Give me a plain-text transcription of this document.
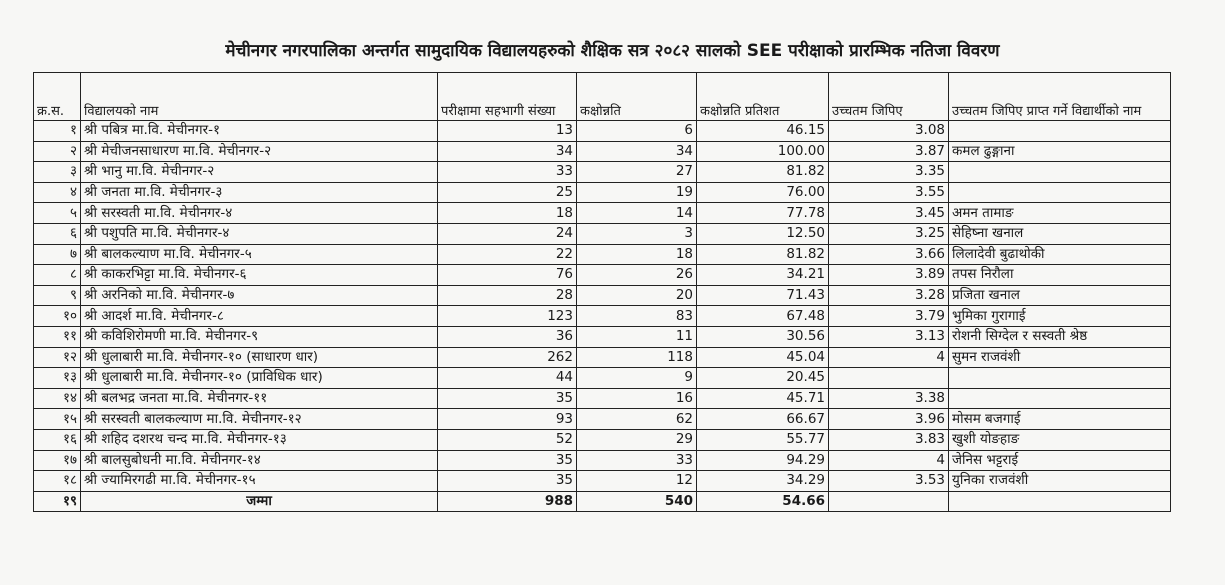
मेचीनगर नगरपालिका अन्तर्गत सामुदायिक विद्यालयहरुको शैक्षिक सत्र २०८२ सालको SEE परीक्षाको प्रारम्भिक नतिजा विवरण
क्र.स.	विद्यालयको नाम	परीक्षामा सहभागी संख्या	कक्षोन्नति	कक्षोन्नति प्रतिशत	उच्चतम जिपिए	उच्चतम जिपिए प्राप्त गर्ने विद्यार्थीको नाम
१	श्री पबित्र मा.वि. मेचीनगर-१	13	6	46.15	3.08	
२	श्री मेचीजनसाधारण मा.वि. मेचीनगर-२	34	34	100.00	3.87	कमल ढुङ्गाना
३	श्री भानु मा.वि. मेचीनगर-२	33	27	81.82	3.35	
४	श्री जनता मा.वि. मेचीनगर-३	25	19	76.00	3.55	
५	श्री सरस्वती मा.वि. मेचीनगर-४	18	14	77.78	3.45	अमन तामाङ
६	श्री पशुपति मा.वि. मेचीनगर-४	24	3	12.50	3.25	सेहिष्ना खनाल
७	श्री बालकल्याण मा.वि. मेचीनगर-५	22	18	81.82	3.66	लिलादेवी बुढाथोकी
८	श्री काकरभिट्टा मा.वि. मेचीनगर-६	76	26	34.21	3.89	तपस निरौला
९	श्री अरनिको मा.वि. मेचीनगर-७	28	20	71.43	3.28	प्रजिता खनाल
१०	श्री आदर्श मा.वि. मेचीनगर-८	123	83	67.48	3.79	भुमिका गुरागाई
११	श्री कविशिरोमणी मा.वि. मेचीनगर-९	36	11	30.56	3.13	रोशनी सिग्देल र सस्वती श्रेष्ठ
१२	श्री धुलाबारी मा.वि. मेचीनगर-१० (साधारण धार)	262	118	45.04	4	सुमन राजवंशी
१३	श्री धुलाबारी मा.वि. मेचीनगर-१० (प्राविधिक धार)	44	9	20.45		
१४	श्री बलभद्र जनता मा.वि. मेचीनगर-११	35	16	45.71	3.38	
१५	श्री सरस्वती बालकल्याण मा.वि. मेचीनगर-१२	93	62	66.67	3.96	मोसम बजगाई
१६	श्री शहिद दशरथ चन्द मा.वि. मेचीनगर-१३	52	29	55.77	3.83	खुशी योङहाङ
१७	श्री बालसुबोधनी मा.वि. मेचीनगर-१४	35	33	94.29	4	जेनिस भट्टराई
१८	श्री ज्यामिरगढी मा.वि. मेचीनगर-१५	35	12	34.29	3.53	युनिका राजवंशी
१९	जम्मा	988	540	54.66		
